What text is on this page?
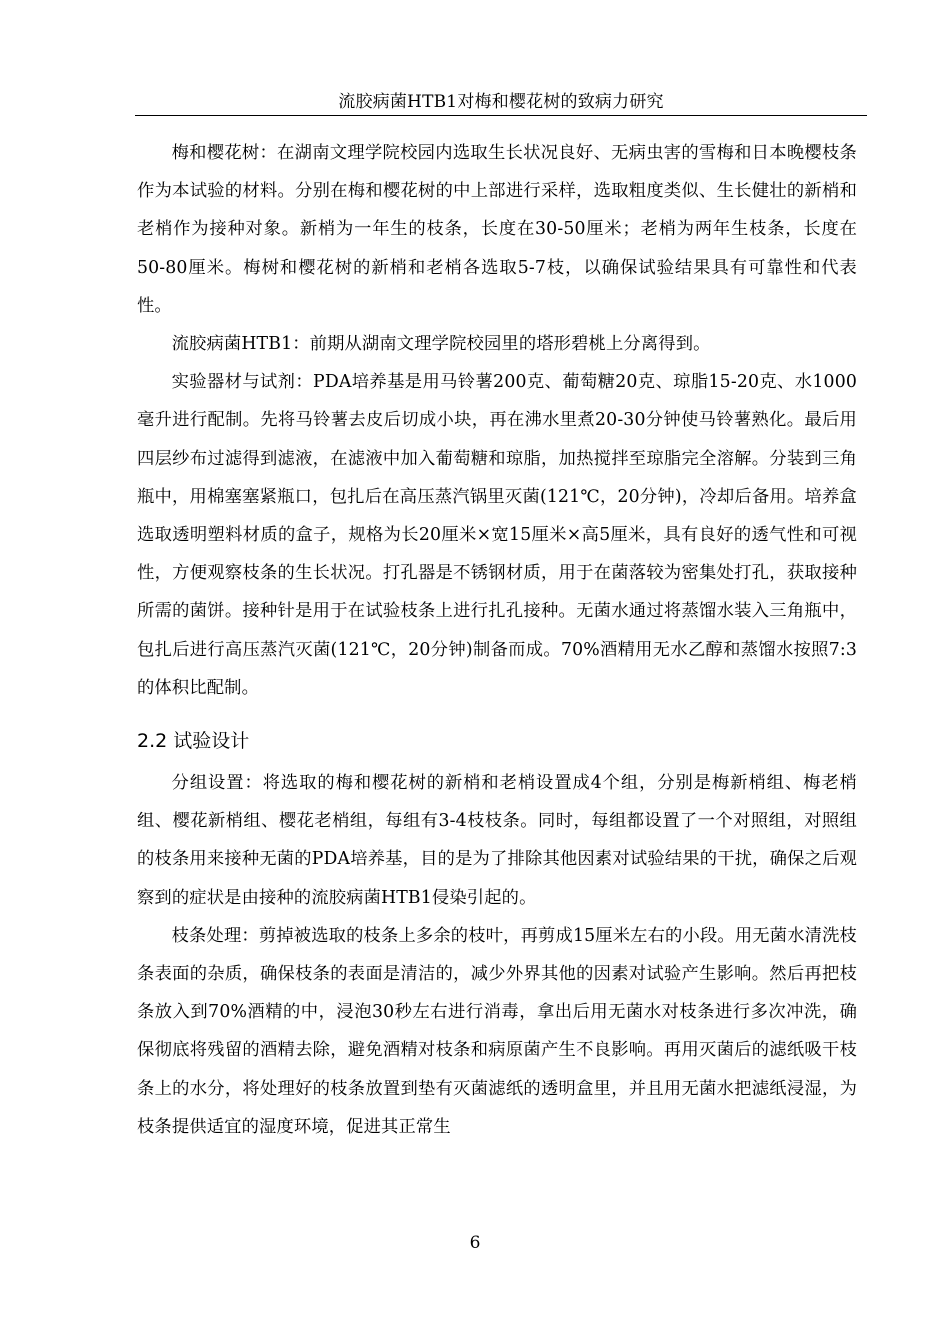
流胶病菌HTB1对梅和樱花树的致病力研究

梅和樱花树：在湖南文理学院校园内选取生长状况良好、无病虫害的雪梅和日本晚樱枝条作为本试验的材料。分别在梅和樱花树的中上部进行采样，选取粗度类似、生长健壮的新梢和老梢作为接种对象。新梢为一年生的枝条，长度在30-50厘米；老梢为两年生枝条，长度在50-80厘米。梅树和樱花树的新梢和老梢各选取5-7枝，以确保试验结果具有可靠性和代表性。

流胶病菌HTB1：前期从湖南文理学院校园里的塔形碧桃上分离得到。

实验器材与试剂：PDA培养基是用马铃薯200克、葡萄糖20克、琼脂15-20克、水1000毫升进行配制。先将马铃薯去皮后切成小块，再在沸水里煮20-30分钟使马铃薯熟化。最后用四层纱布过滤得到滤液，在滤液中加入葡萄糖和琼脂，加热搅拌至琼脂完全溶解。分装到三角瓶中，用棉塞塞紧瓶口，包扎后在高压蒸汽锅里灭菌(121℃，20分钟)，冷却后备用。培养盒选取透明塑料材质的盒子，规格为长20厘米×宽15厘米×高5厘米，具有良好的透气性和可视性，方便观察枝条的生长状况。打孔器是不锈钢材质，用于在菌落较为密集处打孔，获取接种所需的菌饼。接种针是用于在试验枝条上进行扎孔接种。无菌水通过将蒸馏水装入三角瓶中，包扎后进行高压蒸汽灭菌(121℃，20分钟)制备而成。70%酒精用无水乙醇和蒸馏水按照7:3的体积比配制。

2.2 试验设计

分组设置：将选取的梅和樱花树的新梢和老梢设置成4个组，分别是梅新梢组、梅老梢组、樱花新梢组、樱花老梢组，每组有3-4枝枝条。同时，每组都设置了一个对照组，对照组的枝条用来接种无菌的PDA培养基，目的是为了排除其他因素对试验结果的干扰，确保之后观察到的症状是由接种的流胶病菌HTB1侵染引起的。

枝条处理：剪掉被选取的枝条上多余的枝叶，再剪成15厘米左右的小段。用无菌水清洗枝条表面的杂质，确保枝条的表面是清洁的，减少外界其他的因素对试验产生影响。然后再把枝条放入到70%酒精的中，浸泡30秒左右进行消毒，拿出后用无菌水对枝条进行多次冲洗，确保彻底将残留的酒精去除，避免酒精对枝条和病原菌产生不良影响。再用灭菌后的滤纸吸干枝条上的水分，将处理好的枝条放置到垫有灭菌滤纸的透明盒里，并且用无菌水把滤纸浸湿，为枝条提供适宜的湿度环境，促进其正常生

6
